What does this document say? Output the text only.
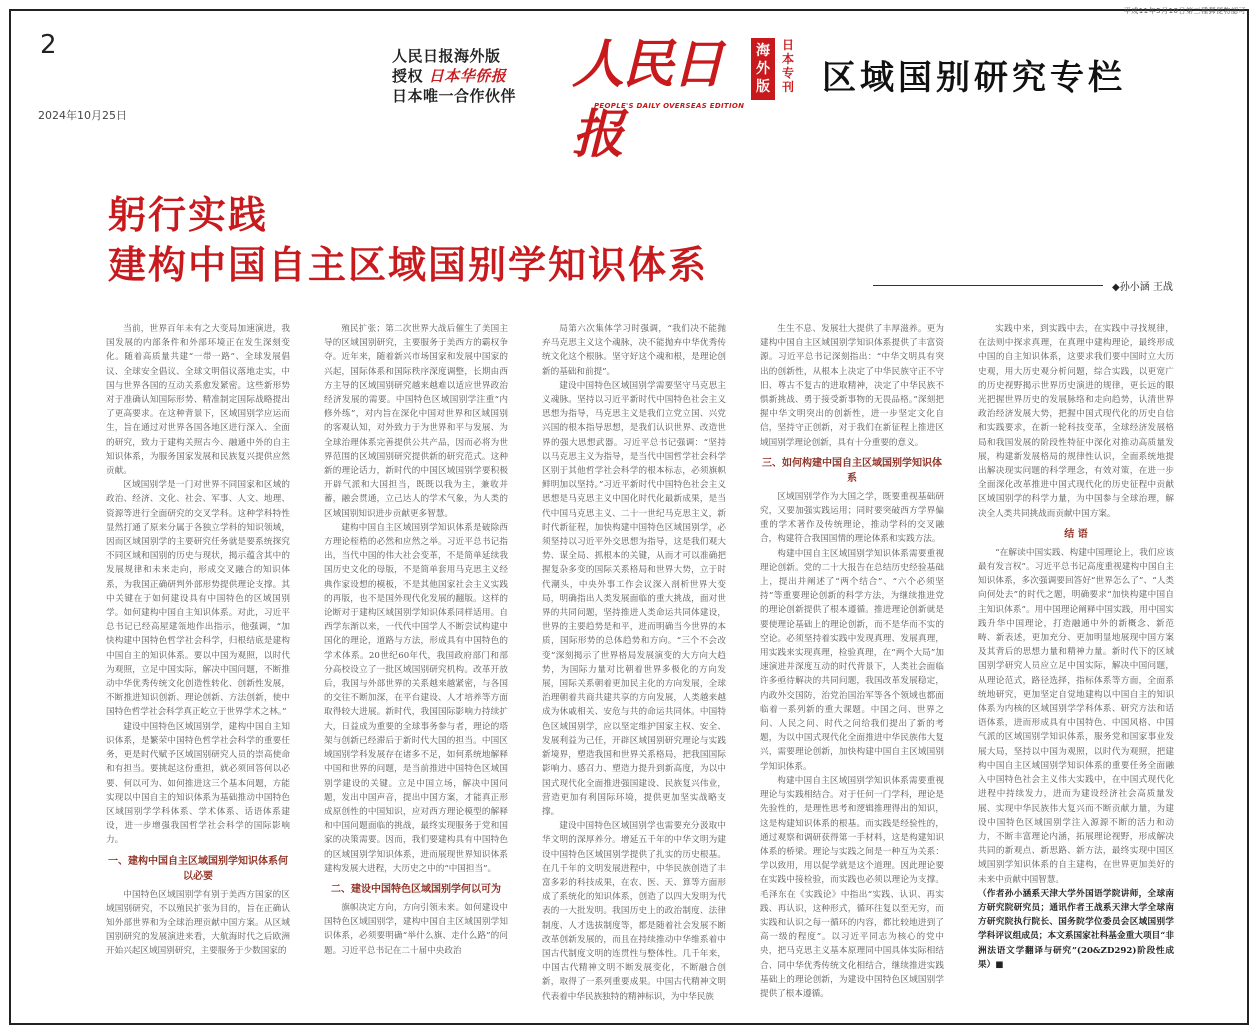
平成11年5月10日第三種郵便物認可
2
2024年10月25日
人民日报海外版
授权 日本华侨报
日本唯一合作伙伴
人民日报
PEOPLE'S DAILY OVERSEAS EDITION
海
外
版
日
本
专
刊 区域国别研究专栏
躬行实践
建构中国自主区域国别学知识体系
◆孙小涵 王战

当前，世界百年未有之大变局加速演进，我国发展的内部条件和外部环境正在发生深刻变化。随着高质量共建“一带一路”、全球发展倡议、全球安全倡议、全球文明倡议落地走实，中国与世界各国的互动关系愈发紧密。这些新形势对于准确认知国际形势、精准制定国际战略提出了更高要求。在这种背景下，区域国别学应运而生，旨在通过对世界各国各地区进行深入、全面的研究，致力于建构关照古今、融通中外的自主知识体系，为服务国家发展和民族复兴提供应然贡献。

区域国别学是一门对世界不同国家和区域的政治、经济、文化、社会、军事、人文、地理、资源等进行全面研究的交叉学科。这种学科特性显然打通了原来分属于各独立学科的知识领域，因而区域国别学的主要研究任务就是要系统探究不同区域和国别的历史与现状，揭示蕴含其中的发展规律和未来走向，形成交叉融合的知识体系，为我国正确研判外部形势提供理论支撑。其中关键在于如何建设具有中国特色的区域国别学。如何建构中国自主知识体系。对此，习近平总书记已经高屋建瓴地作出指示，他强调，“加快构建中国特色哲学社会科学，归根结底是建构中国自主的知识体系。要以中国为观照，以时代为观照，立足中国实际，解决中国问题，不断推动中华优秀传统文化创造性转化、创新性发展，不断推进知识创新、理论创新、方法创新，使中国特色哲学社会科学真正屹立于世界学术之林。”

建设中国特色区域国别学，建构中国自主知识体系，是繁荣中国特色哲学社会科学的重要任务，更是时代赋予区域国别研究人员的崇高使命和有担当。要挑起这份重担，就必须回答何以必要、何以可为、如何推进这三个基本问题，方能实现以中国自主的知识体系为基础推动中国特色区域国别学学科体系、学术体系、话语体系建设，进一步增强我国哲学社会科学的国际影响力。

一、建构中国自主区域国别学知识体系何以必要

中国特色区域国别学有别于美西方国家的区域国别研究，不以殖民扩张为目的，旨在正确认知外部世界和为全球治理贡献中国方案。从区域国别研究的发展演进来看，大航海时代之后欧洲开始兴起区域国别研究，主要服务于少数国家的

殖民扩张；第二次世界大战后催生了美国主导的区域国别研究，主要服务于美西方的霸权争夺。近年来，随着新兴市场国家和发展中国家的兴起，国际体系和国际秩序深度调整，长期由西方主导的区域国别研究越来越难以适应世界政治经济发展的需要。中国特色区域国别学注重“内修外练”，对内旨在深化中国对世界和区域国别的客观认知，对外致力于为世界和平与发展、为全球治理体系完善提供公共产品，因而必将为世界范围的区域国别研究提供新的研究范式。这种新的理论话力，新时代的中国区域国别学要积极开辟气派和大国担当，既既以我为主，兼收并蓄，融会贯通，立己达人的学术气象，为人类的区域国别知识进步贡献更多智慧。

建构中国自主区域国别学知识体系是破除西方理论桎梏的必然和应然之举。习近平总书记指出，当代中国的伟大社会变革，不是简单延续我国历史文化的母版，不是简单套用马克思主义经典作家设想的模板，不是其他国家社会主义实践的再版，也不是国外现代化发展的翻版。这样的论断对于建构区域国别学知识体系同样适用。自西学东渐以来，一代代中国学人不断尝试构建中国化的理论，道路与方法，形成具有中国特色的学术体系。20世纪60年代，我国政府部门和部分高校设立了一批区域国别研究机构。改革开放后，我国与外部世界的关系越来越紧密，与各国的交往不断加深，在平台建设、人才培养等方面取得较大进展。新时代，我国国际影响力持续扩大，日益成为重要的全球事务参与者，理论的塔架与创新已经滞后于新时代大国的担当。中国区域国别学科发展存在诸多不足，如何系统地解释中国和世界的问题，是当前推进中国特色区域国别学建设的关键。立足中国立场，解决中国问题，发出中国声音，提出中国方案，才能真正形成原创性的中国知识，应对西方理论模型的解释和中国问题面临的挑战，最终实现服务于党和国家的决策需要。因而，我们要建构具有中国特色的区域国别学知识体系，进而展现世界知识体系建构发展大进程，大历史之中的“中国担当”。

二、建设中国特色区域国别学何以可为

旗帜决定方向，方向引领未来。如何建设中国特色区域国别学，建构中国自主区域国别学知识体系，必须要明确“举什么旗、走什么路”的问题。习近平总书记在二十届中央政治

局第六次集体学习时强调，“我们决不能抛弃马克思主义这个魂脉，决不能抛弃中华优秀传统文化这个根脉。坚守好这个魂和根，是理论创新的基础和前提”。

建设中国特色区域国别学需要坚守马克思主义魂脉。坚持以习近平新时代中国特色社会主义思想为指导，马克思主义是我们立党立国、兴党兴国的根本指导思想，是我们认识世界、改造世界的强大思想武器。习近平总书记强调：“坚持以马克思主义为指导，是当代中国哲学社会科学区别于其他哲学社会科学的根本标志，必须旗帜鲜明加以坚持。”习近平新时代中国特色社会主义思想是马克思主义中国化时代化最新成果，是当代中国马克思主义、二十一世纪马克思主义，新时代新征程，加快构建中国特色区域国别学，必须坚持以习近平外交思想为指导，这是我们观大势、谋全局、抓根本的关键，从而才可以准确把握复杂多变的国际关系格局和世界大势，立于时代潮头，中央外事工作会议深入剖析世界大变局，明确指出人类发展面临的重大挑战，面对世界的共同问题，坚持推进人类命运共同体建设，世界的主要趋势是和平，进而明确当今世界的本质，国际形势的总体趋势和方向。“三个不会改变”深刻揭示了世界格局发展演变的大方向大趋势，为国际力量对比朝着世界多极化的方向发展，国际关系朝着更加民主化的方向发展，全球治理朝着共商共建共享的方向发展，人类越来越成为休戚相关、安危与共的命运共同体。中国特色区域国别学，应以坚定维护国家主权、安全、发展利益为己任，开辟区域国别研究理论与实践新境界，塑造我国和世界关系格局，把我国国际影响力、感召力、塑造力提升到新高度，为以中国式现代化全面推进强国建设、民族复兴伟业，营造更加有利国际环境，提供更加坚实战略支撑。

建设中国特色区域国别学也需要充分汲取中华文明的深厚养分。增延五千年的中华文明为建设中国特色区域国别学提供了扎实的历史根基。在几千年的文明发展进程中，中华民族创造了丰富多彩的科技成果，在农、医、天、算等方面形成了系统化的知识体系，创造了以四大发明为代表的一大批发明。我国历史上的政治制度、法律制度、人才选拔制度等，都是随着社会发展不断改革创新发展的，而且在持续推动中华维系着中国古代制度文明的连贯性与整体性。几千年来，中国古代精神文明不断发展变化，不断融合创新，取得了一系列重要成果。中国古代精神文明代表着中华民族独特的精神标识，为中华民族

生生不息、发展壮大提供了丰厚滋养。更为建构中国自主区域国别学知识体系提供了丰富资源。习近平总书记深刻指出：“中华文明具有突出的创新性，从根本上决定了中华民族守正不守旧、尊古不复古的进取精神，决定了中华民族不惧新挑战、勇于接受新事物的无畏品格。”深刻把握中华文明突出的创新性，进一步坚定文化自信，坚持守正创新，对于我们在新征程上推进区域国别学理论创新，具有十分重要的意义。

三、如何构建中国自主区域国别学知识体系

区域国别学作为大国之学，既要重视基础研究，又要加强实践运用；同时要突破西方学界偏重的学术著作及传统理论，推动学科的交叉融合，构建符合我国国情的理论体系和实践方法。

构建中国自主区域国别学知识体系需要重视理论创新。党的二十大报告在总结历史经验基础上，提出并阐述了“两个结合”、“六个必须坚持”等重要理论创新的科学方法，为继续推进党的理论创新提供了根本遵循。推进理论创新就是要使理论基础上的理论创新，而不是华而不实的空论。必须坚持着实践中发现真理、发展真理，用实践来实现真理，检验真理，在“两个大局”加速演进并深度互动的时代背景下，人类社会面临许多亟待解决的共同问题，我国改革发展稳定，内政外交国防，治党治国治军等各个领域也都面临着一系列新的重大课题。中国之问、世界之问、人民之问、时代之问给我们提出了新的考题，为以中国式现代化全面推进中华民族伟大复兴，需要理论创新，加快构建中国自主区域国别学知识体系。

构建中国自主区域国别学知识体系需要重视理论与实践相结合。对于任何一门学科，理论是先验性的，是理性思考和逻辑推理得出的知识，这是构建知识体系的根基。而实践是经验性的，通过观察和调研获得第一手材料，这是构建知识体系的桥梁。理论与实践之间是一种互为关系：学以致用，用以促学就是这个道理。因此理论要在实践中接检验，而实践也必须以理论为支撑。毛泽东在《实践论》中指出“实践、认识、再实践、再认识，这种形式，循环往复以至无穷，而实践和认识之每一循环的内容，都比较地进到了高一级的程度”。以习近平同志为核心的党中央，把马克思主义基本原理同中国具体实际相结合、同中华优秀传统文化相结合，继续推进实践基础上的理论创新，为建设中国特色区域国别学提供了根本遵循。

实践中来，到实践中去，在实践中寻找规律，在法则中探求真理，在真理中建构理论，最终形成中国的自主知识体系，这要求我们要中国时立大历史观，用大历史观分析问题，综合实践，以更宽广的历史视野揭示世界历史演进的规律，更长远的眼光把握世界历史的发展脉络和走向趋势，认清世界政治经济发展大势，把握中国式现代化的历史自信和实践要求，在新一轮科技变革，全球经济发展格局和我国发展的阶段性特征中深化对推动高质量发展，构建新发展格局的规律性认识，全面系统地提出解决现实问题的科学理念，有效对策，在进一步全面深化改革推进中国式现代化的历史征程中贡献区域国别学的科学力量，为中国参与全球治理，解决全人类共同挑战而贡献中国方案。

结 语

“在解读中国实践、构建中国理论上，我们应该最有发言权”。习近平总书记高度重视建构中国自主知识体系，多次强调要回答好“世界怎么了”、“人类向何处去”的时代之题，明确要求“加快构建中国自主知识体系”。用中国理论阐释中国实践，用中国实践升华中国理论，打造融通中外的新概念、新范畴、新表述，更加充分、更加明显地展现中国方案及其背后的思想力量和精神力量。新时代下的区域国别学研究人员应立足中国实际，解决中国问题，从理论范式，路径选择，指标体系等方面，全面系统地研究，更加坚定自觉地建构以中国自主的知识体系为内核的区域国别学学科体系、研究方法和话语体系，进而形成具有中国特色、中国风格、中国气派的区域国别学知识体系，服务党和国家事业发展大局，坚持以中国为观照，以时代为观照，把建构中国自主区域国别学知识体系的重要任务全面融入中国特色社会主义伟大实践中，在中国式现代化进程中持续发力，进而为建设经济社会高质量发展、实现中华民族伟大复兴而不断贡献力量，为建设中国特色区域国别学注入源源不断的活力和动力，不断丰富理论内涵，拓展理论视野，形成解决共同的新观点、新思路、新方法，最终实现中国区域国别学知识体系的自主建构，在世界更加美好的未来中贡献中国智慧。

（作者孙小涵系天津大学外国语学院讲师，全球南方研究院研究员；通讯作者王战系天津大学全球南方研究院执行院长、国务院学位委员会区域国别学学科评议组成员；本文系国家社科基金重大项目“非洲法语文学翻译与研究”(20&ZD292)阶段性成果）■
